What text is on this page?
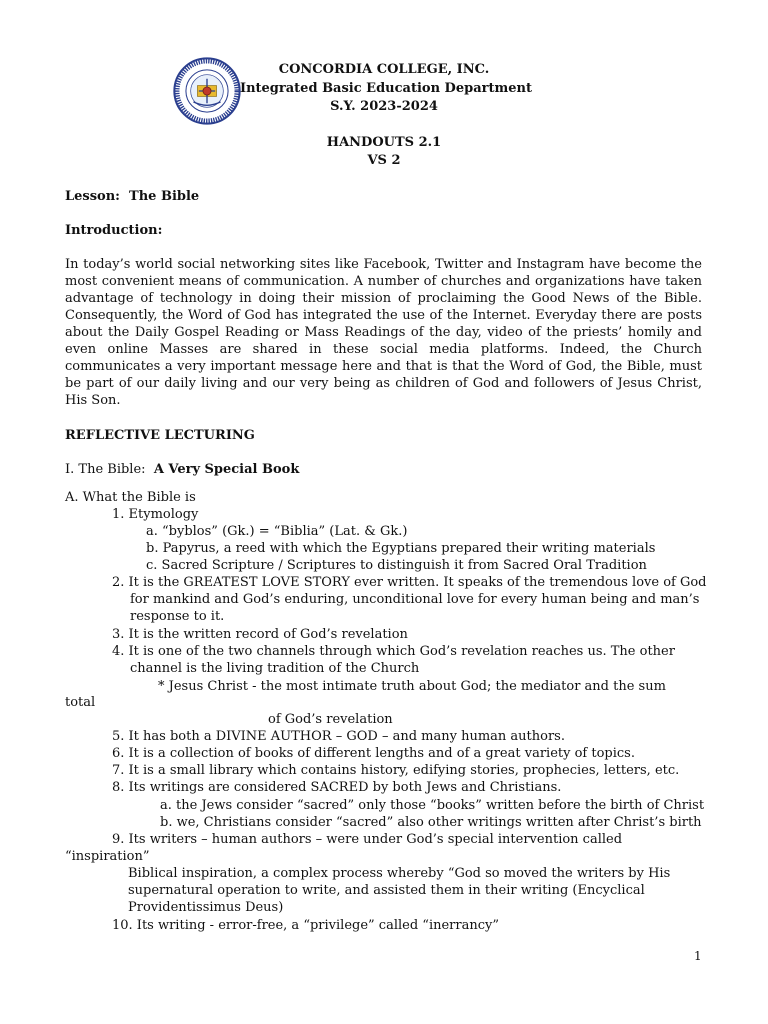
CONCORDIA COLLEGE, INC.
Integrated Basic Education Department
S.Y. 2023-2024
HANDOUTS 2.1
VS 2
Lesson: The Bible
Introduction:
In today’s world social networking sites like Facebook, Twitter and Instagram have become the most convenient means of communication. A number of churches and organizations have taken advantage of technology in doing their mission of proclaiming the Good News of the Bible. Consequently, the Word of God has integrated the use of the Internet. Everyday there are posts about the Daily Gospel Reading or Mass Readings of the day, video of the priests’ homily and even online Masses are shared in these social media platforms. Indeed, the Church communicates a very important message here and that is that the Word of God, the Bible, must be part of our daily living and our very being as children of God and followers of Jesus Christ, His Son.
REFLECTIVE LECTURING
I. The Bible: A Very Special Book
A. What the Bible is
1. Etymology
a. “byblos” (Gk.) = “Biblia” (Lat. & Gk.)
b. Papyrus, a reed with which the Egyptians prepared their writing materials
c. Sacred Scripture / Scriptures to distinguish it from Sacred Oral Tradition
2. It is the GREATEST LOVE STORY ever written. It speaks of the tremendous love of God
for mankind and God’s enduring, unconditional love for every human being and man’s
response to it.
3. It is the written record of God’s revelation
4. It is one of the two channels through which God’s revelation reaches us. The other
channel is the living tradition of the Church
* Jesus Christ - the most intimate truth about God; the mediator and the sum
total
of God’s revelation
5. It has both a DIVINE AUTHOR – GOD – and many human authors.
6. It is a collection of books of different lengths and of a great variety of topics.
7. It is a small library which contains history, edifying stories, prophecies, letters, etc.
8. Its writings are considered SACRED by both Jews and Christians.
a. the Jews consider “sacred” only those “books” written before the birth of Christ
b. we, Christians consider “sacred” also other writings written after Christ’s birth
9. Its writers – human authors – were under God’s special intervention called
“inspiration”
Biblical inspiration, a complex process whereby “God so moved the writers by His
supernatural operation to write, and assisted them in their writing (Encyclical
Providentissimus Deus)
10. Its writing - error-free, a “privilege” called “inerrancy”
1
